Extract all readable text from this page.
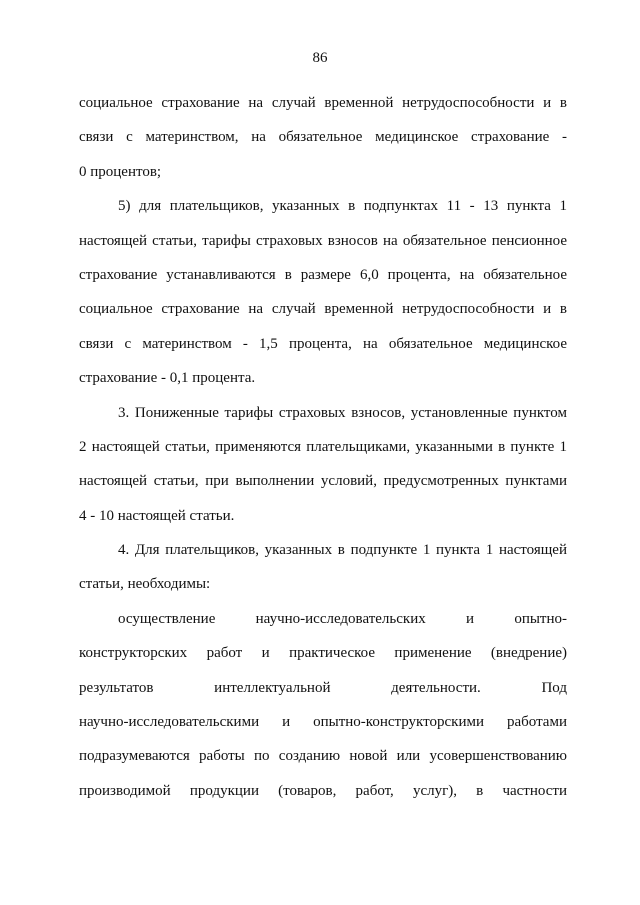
86
социальное страхование на случай временной нетрудоспособности и в
связи с материнством, на обязательное медицинское страхование -
0 процентов;
5) для плательщиков, указанных в подпунктах 11 - 13 пункта 1
настоящей статьи, тарифы страховых взносов на обязательное пенсионное
страхование устанавливаются в размере 6,0 процента, на обязательное
социальное страхование на случай временной нетрудоспособности и в
связи с материнством - 1,5 процента, на обязательное медицинское
страхование - 0,1 процента.
3. Пониженные тарифы страховых взносов, установленные пунктом
2 настоящей статьи, применяются плательщиками, указанными в пункте 1
настоящей статьи, при выполнении условий, предусмотренных пунктами
4 - 10 настоящей статьи.
4. Для плательщиков, указанных в подпункте 1 пункта 1 настоящей
статьи, необходимы:
осуществление научно-исследовательских и опытно-
конструкторских работ и практическое применение (внедрение)
результатов интеллектуальной деятельности. Под
научно-исследовательскими и опытно-конструкторскими работами
подразумеваются работы по созданию новой или усовершенствованию
производимой продукции (товаров, работ, услуг), в частности
